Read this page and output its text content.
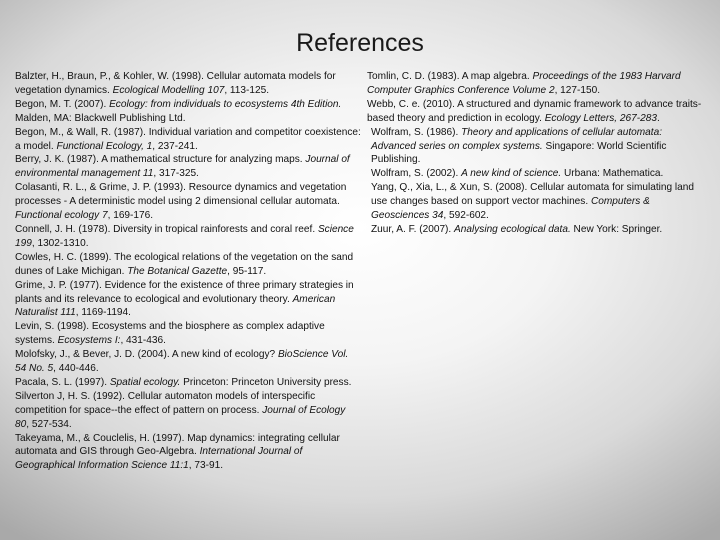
References

Balzter, H., Braun, P., & Kohler, W. (1998). Cellular automata models for vegetation dynamics. Ecological Modelling 107, 113-125.

Begon, M. T. (2007). Ecology: from individuals to ecosystems 4th Edition. Malden, MA: Blackwell Publishing Ltd.

Begon, M., & Wall, R. (1987). Individual variation and competitor coexistence: a model. Functional Ecology, 1, 237-241.

Berry, J. K. (1987). A mathematical structure for analyzing maps. Journal of environmental management 11, 317-325.

Colasanti, R. L., & Grime, J. P. (1993). Resource dynamics and vegetation processes - A deterministic model using 2 dimensional cellular automata. Functional ecology 7, 169-176.

Connell, J. H. (1978). Diversity in tropical rainforests and coral reef. Science 199, 1302-1310.

Cowles, H. C. (1899). The ecological relations of the vegetation on the sand dunes of Lake Michigan. The Botanical Gazette, 95-117.

Grime, J. P. (1977). Evidence for the existence of three primary strategies in plants and its relevance to ecological and evolutionary theory. American Naturalist 111, 1169-1194.

Levin, S. (1998). Ecosystems and the biosphere as complex adaptive systems. Ecosystems I:, 431-436.

Molofsky, J., & Bever, J. D. (2004). A new kind of ecology? BioScience Vol. 54 No. 5, 440-446.

Pacala, S. L. (1997). Spatial ecology. Princeton: Princeton University press.

Silverton J, H. S. (1992). Cellular automaton models of interspecific competition for space--the effect of pattern on process. Journal of Ecology 80, 527-534.

Takeyama, M., & Couclelis, H. (1997). Map dynamics: integrating cellular automata and GIS through Geo-Algebra. International Journal of Geographical Information Science 11:1, 73-91.

Tomlin, C. D. (1983). A map algebra. Proceedings of the 1983 Harvard Computer Graphics Conference Volume 2, 127-150.

Webb, C. e. (2010). A structured and dynamic framework to advance traits-based theory and prediction in ecology. Ecology Letters, 267-283.

Wolfram, S. (1986). Theory and applications of cellular automata: Advanced series on complex systems. Singapore: World Scientific Publishing.

Wolfram, S. (2002). A new kind of science. Urbana: Mathematica.

Yang, Q., Xia, L., & Xun, S. (2008). Cellular automata for simulating land use changes based on support vector machines. Computers & Geosciences 34, 592-602.

Zuur, A. F. (2007). Analysing ecological data. New York: Springer.
